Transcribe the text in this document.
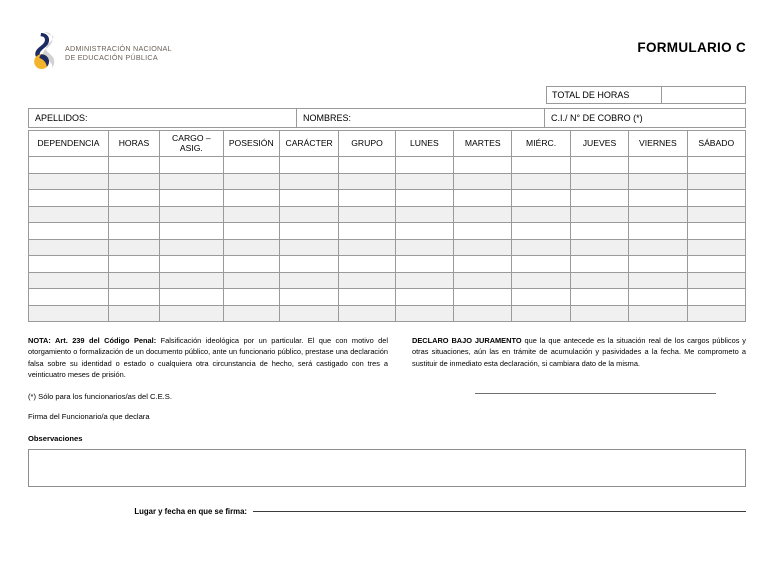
ADMINISTRACIÓN NACIONAL
DE EDUCACIÓN PÚBLICA
FORMULARIO C
TOTAL DE HORAS
APELLIDOS:	NOMBRES:	C.I./ N° DE COBRO (*)
DEPENDENCIA	HORAS	CARGO – ASIG.	POSESIÓN	CARÁCTER	GRUPO	LUNES	MARTES	MIÉRC.	JUEVES	VIERNES	SÁBADO

NOTA: Art. 239 del Código Penal: Falsificación ideológica por un particular. El que con motivo del otorgamiento o formalización de un documento público, ante un funcionario público, prestase una declaración falsa sobre su identidad o estado o cualquiera otra circunstancia de hecho, será castigado con tres a veinticuatro meses de prisión.

DECLARO BAJO JURAMENTO que la que antecede es la situación real de los cargos públicos y otras situaciones, aún las en trámite de acumulación y pasividades a la fecha. Me comprometo a sustituir de inmediato esta declaración, si cambiara dato de la misma.

(*) Sólo para los funcionarios/as del C.E.S.
Firma del Funcionario/a que declara
Observaciones
Lugar y fecha en que se firma:
